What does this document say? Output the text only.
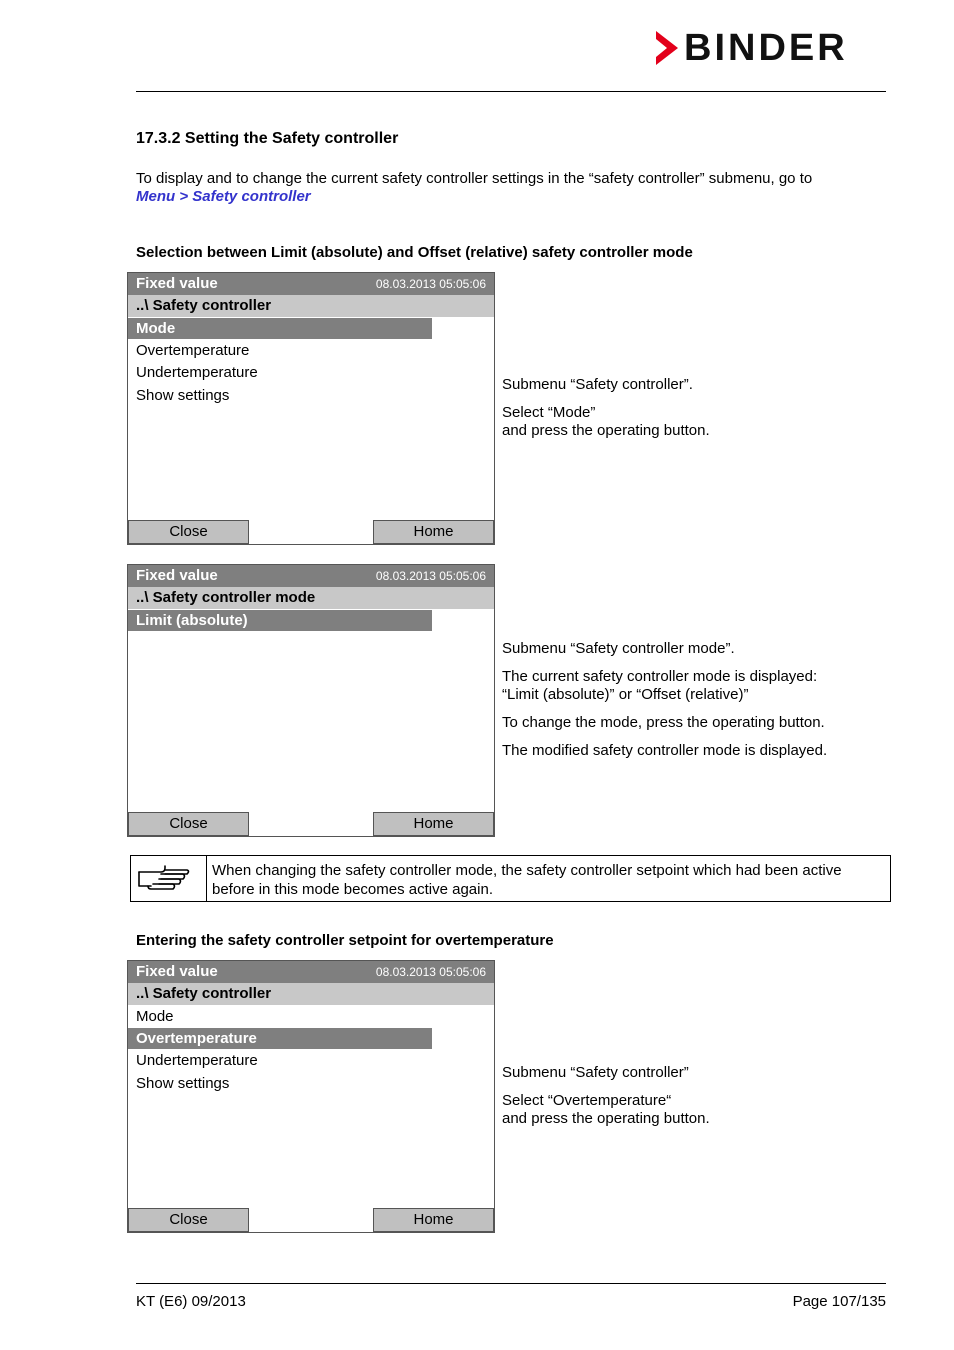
BINDER
17.3.2 Setting the Safety controller
To display and to change the current safety controller settings in the “safety controller” submenu, go to
Menu > Safety controller
Selection between Limit (absolute) and Offset (relative) safety controller mode
Fixed value	08.03.2013 05:05:06
..\ Safety controller
Mode
Overtemperature
Undertemperature
Show settings
Close	Home

Submenu “Safety controller”.

Select “Mode”
and press the operating button.

Fixed value	08.03.2013 05:05:06
..\ Safety controller mode
Limit (absolute)
Close	Home

Submenu “Safety controller mode”.

The current safety controller mode is displayed:
“Limit (absolute)” or “Offset (relative)”

To change the mode, press the operating button.

The modified safety controller mode is displayed.

When changing the safety controller mode, the safety controller setpoint which had been active before in this mode becomes active again.
Entering the safety controller setpoint for overtemperature
Fixed value	08.03.2013 05:05:06
..\ Safety controller
Mode
Overtemperature
Undertemperature
Show settings
Close	Home

Submenu “Safety controller”

Select “Overtemperature“
and press the operating button.

KT (E6) 09/2013	Page 107/135
